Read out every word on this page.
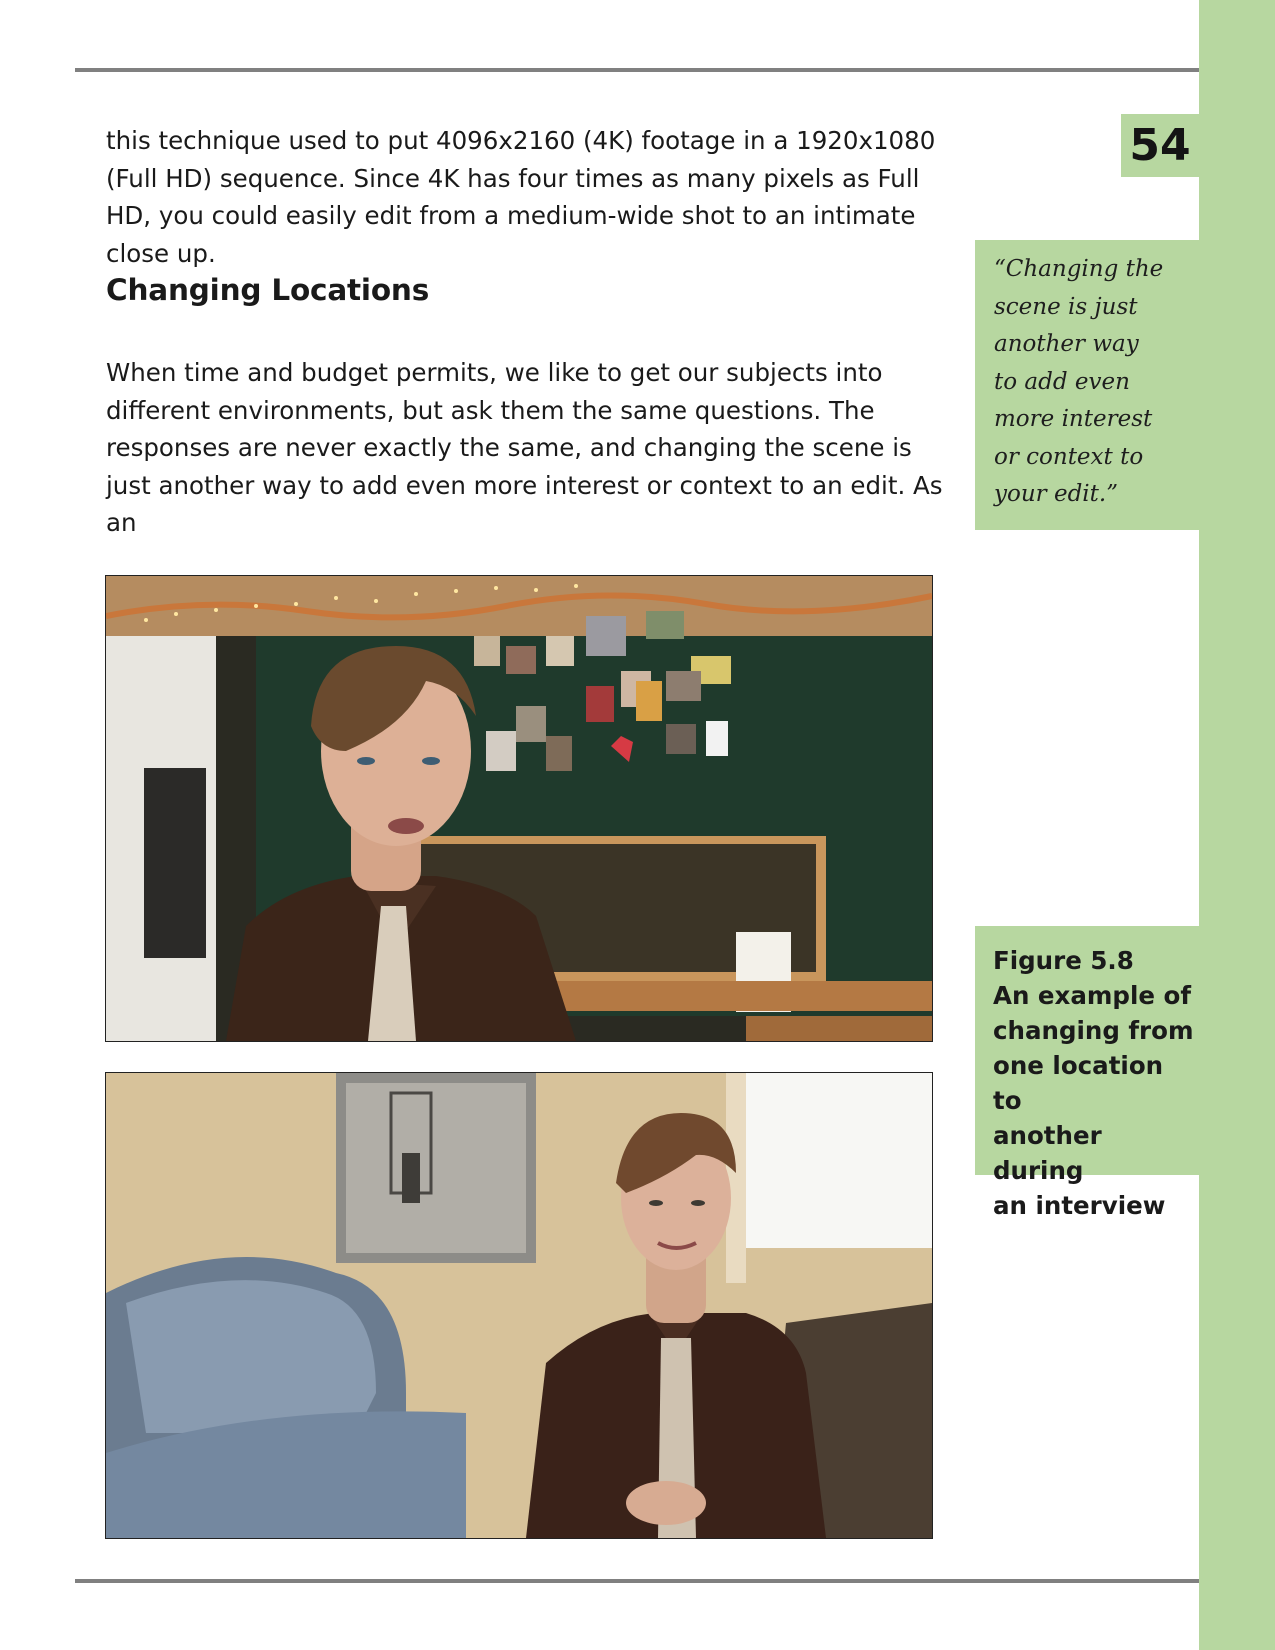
54

this technique used to put 4096x2160 (4K) footage in a 1920x1080 (Full HD) sequence. Since 4K has four times as many pixels as Full HD, you could easily edit from a medium-wide shot to an intimate close up.

Changing Locations

When time and budget permits, we like to get our subjects into different environments, but ask them the same questions. The responses are never exactly the same, and changing the scene is just another way to add even more interest or context to an edit. As an

“Changing the
scene is just
another way
to add even
more interest
or context to
your edit.”

Figure 5.8

An example of
changing from
one location to
another during
an interview
